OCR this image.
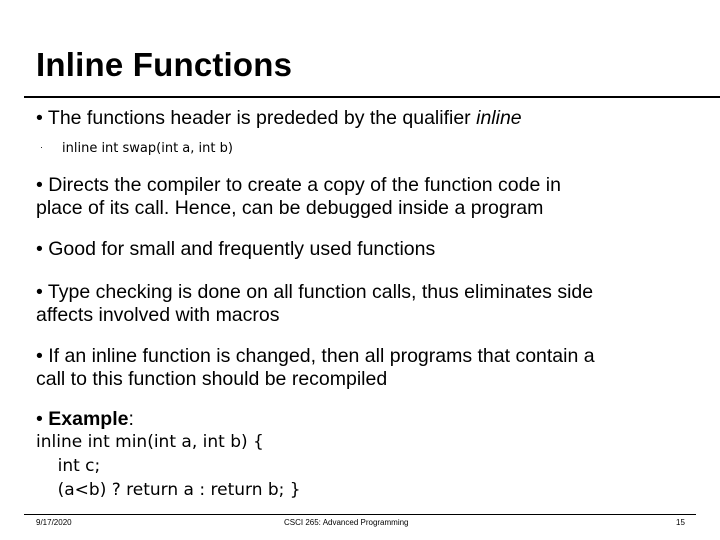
Inline Functions
• The functions header is prededed by the qualifier inline
· inline int swap(int a, int b)
• Directs the compiler to create a copy of the function code in
place of its call. Hence, can be debugged inside a program
• Good for small and frequently used functions
• Type checking is done on all function calls, thus eliminates side
affects involved with macros
• If an inline function is changed, then all programs that contain a
call to this function should be recompiled
• Example:
inline int min(int a, int b) {
int c;
(a<b) ? return a : return b; }
9/17/2020	CSCI 265: Advanced Programming	15
